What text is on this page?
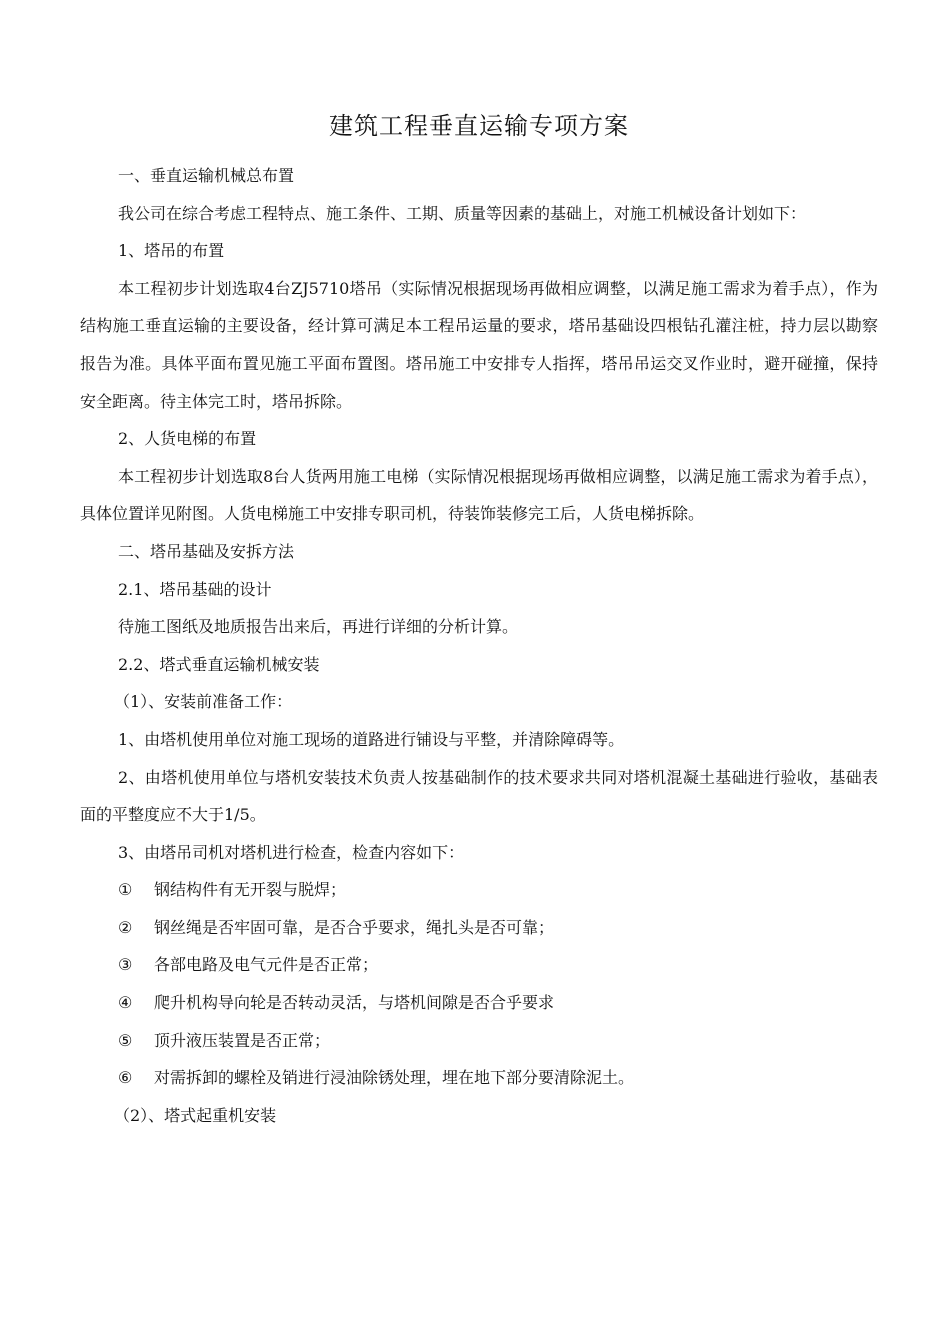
建筑工程垂直运输专项方案

一、垂直运输机械总布置

我公司在综合考虑工程特点、施工条件、工期、质量等因素的基础上，对施工机械设备计划如下：

1、塔吊的布置

本工程初步计划选取4台ZJ5710塔吊（实际情况根据现场再做相应调整，以满足施工需求为着手点），作为结构施工垂直运输的主要设备，经计算可满足本工程吊运量的要求，塔吊基础设四根钻孔灌注桩，持力层以勘察报告为准。具体平面布置见施工平面布置图。塔吊施工中安排专人指挥，塔吊吊运交叉作业时，避开碰撞，保持安全距离。待主体完工时，塔吊拆除。

2、人货电梯的布置

本工程初步计划选取8台人货两用施工电梯（实际情况根据现场再做相应调整，以满足施工需求为着手点），具体位置详见附图。人货电梯施工中安排专职司机，待装饰装修完工后，人货电梯拆除。

二、塔吊基础及安拆方法

2.1、塔吊基础的设计

待施工图纸及地质报告出来后，再进行详细的分析计算。

2.2、塔式垂直运输机械安装

（1）、安装前准备工作：

1、由塔机使用单位对施工现场的道路进行铺设与平整，并清除障碍等。

2、由塔机使用单位与塔机安装技术负责人按基础制作的技术要求共同对塔机混凝土基础进行验收，基础表面的平整度应不大于1/5。

3、由塔吊司机对塔机进行检查，检查内容如下：

① 钢结构件有无开裂与脱焊；

② 钢丝绳是否牢固可靠，是否合乎要求，绳扎头是否可靠；

③ 各部电路及电气元件是否正常；

④ 爬升机构导向轮是否转动灵活，与塔机间隙是否合乎要求

⑤ 顶升液压装置是否正常；

⑥ 对需拆卸的螺栓及销进行浸油除锈处理，埋在地下部分要清除泥土。

（2）、塔式起重机安装
